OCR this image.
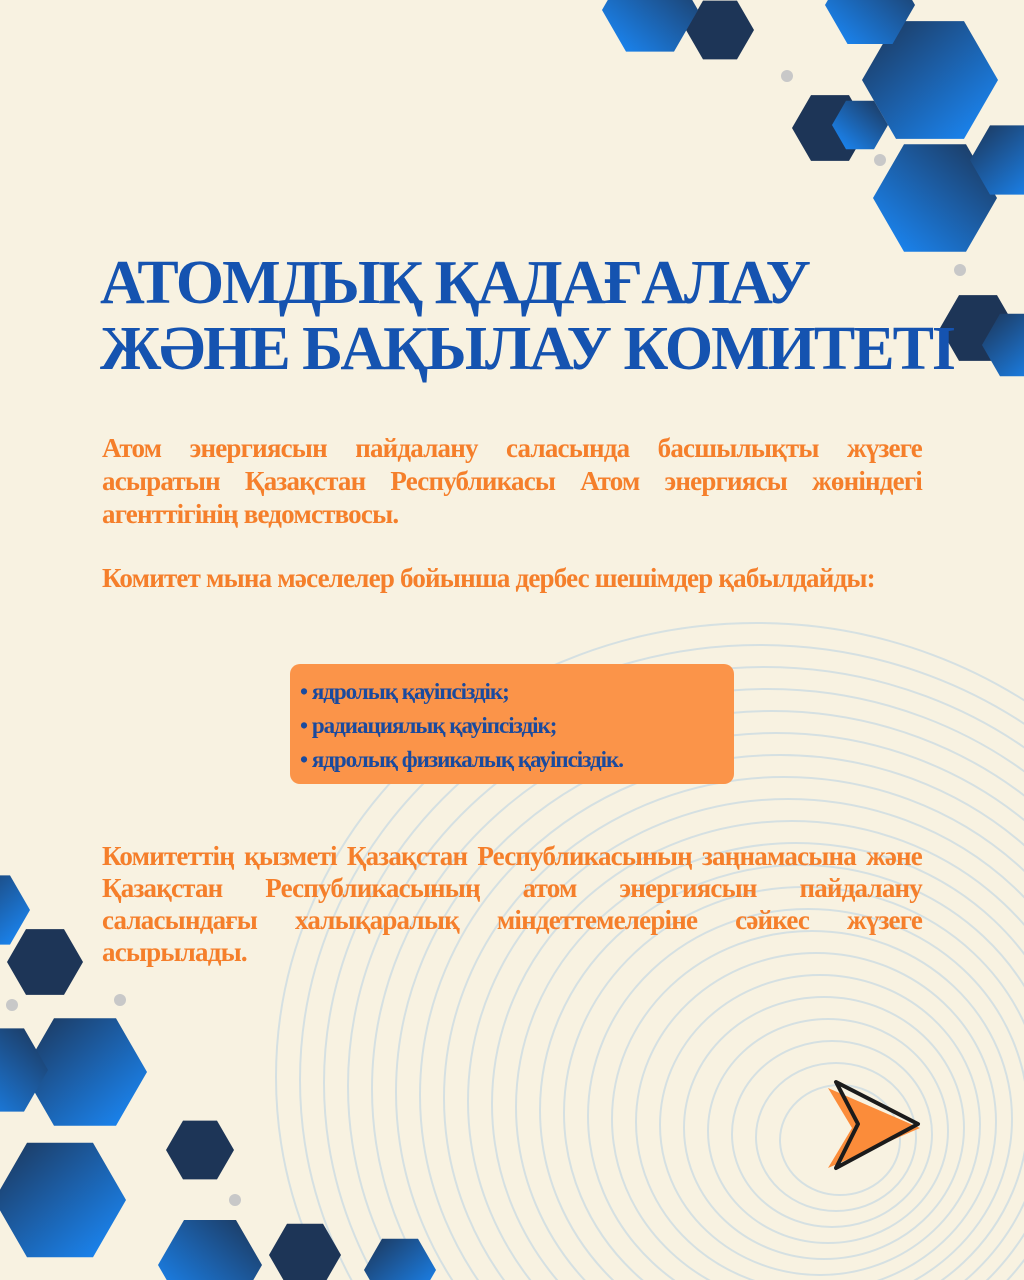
АТОМДЫҚ ҚАДАҒАЛАУ
ЖӘНЕ БАҚЫЛАУ КОМИТЕТІ

Атом энергиясын пайдалану саласында басшылықты жүзеге асыратын Қазақстан Республикасы Атом энергиясы жөніндегі агенттігінің ведомствосы.

Комитет мына мәселелер бойынша дербес шешімдер қабылдайды:

• ядролық қауіпсіздік;
• радиациялық қауіпсіздік;
• ядролық физикалық қауіпсіздік.

Комитеттің қызметі Қазақстан Республикасының заңнамасына және Қазақстан Республикасының атом энергиясын пайдалану саласындағы халықаралық міндеттемелеріне сәйкес жүзеге асырылады.
